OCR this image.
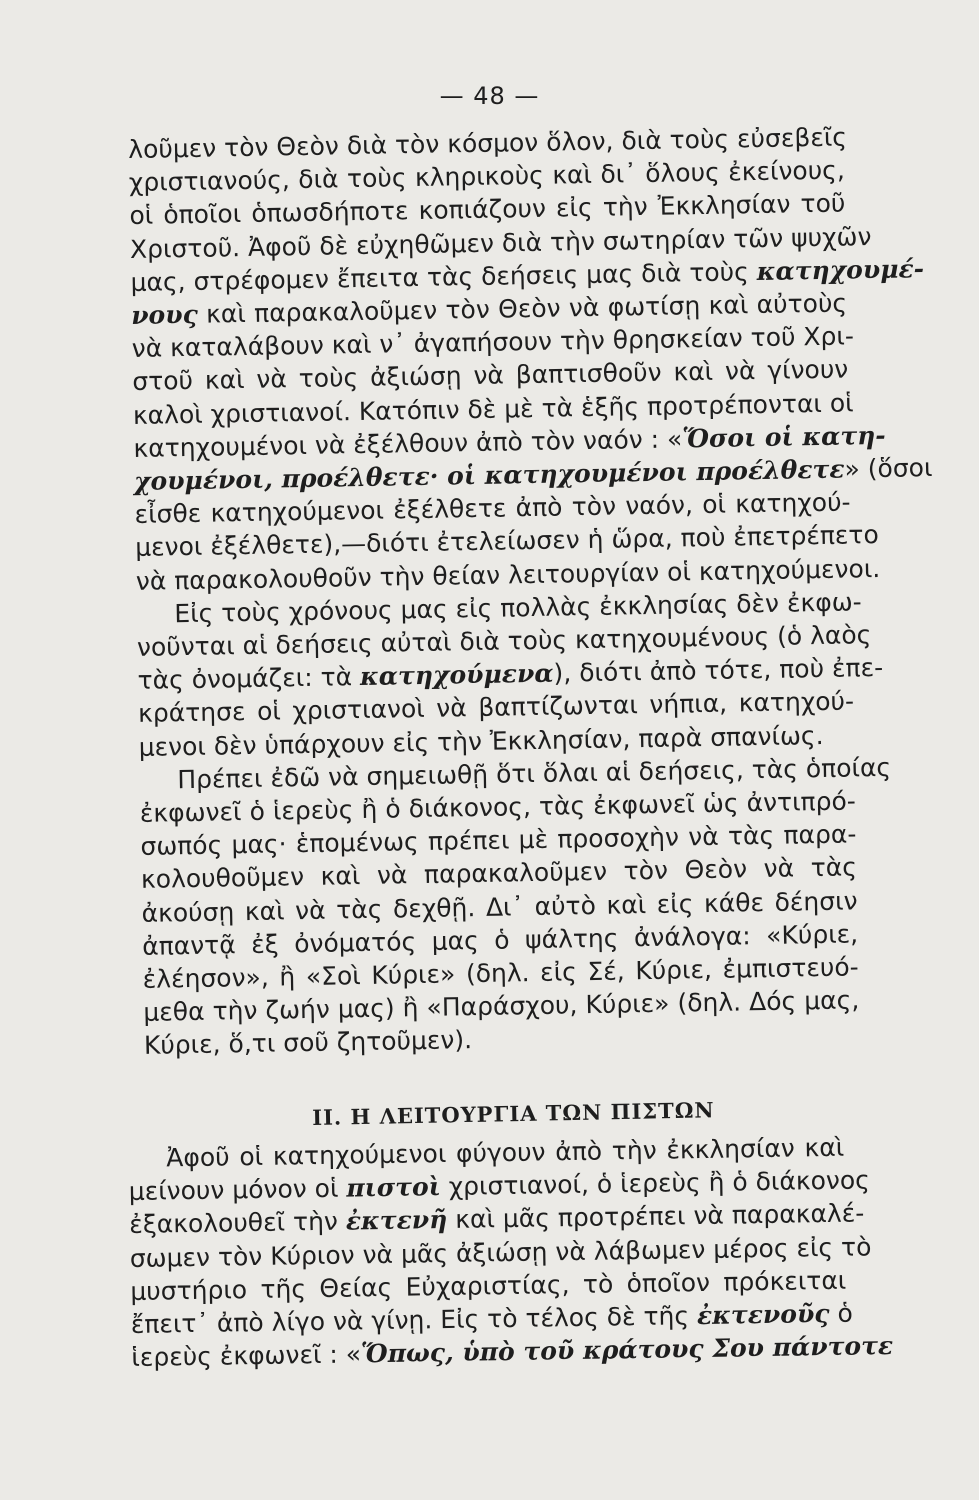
— 48 —
λοῦμεν τὸν Θεὸν διὰ τὸν κόσμον ὅλον, διὰ τοὺς εὐσεβεῖς
χριστιανούς, διὰ τοὺς κληρικοὺς καὶ δι᾽ ὅλους ἐκείνους,
οἱ ὁποῖοι ὁπωσδήποτε κοπιάζουν εἰς τὴν Ἐκκλησίαν τοῦ
Χριστοῦ. Ἀφοῦ δὲ εὐχηθῶμεν διὰ τὴν σωτηρίαν τῶν ψυχῶν
μας, στρέφομεν ἔπειτα τὰς δεήσεις μας διὰ τοὺς κατηχουμέ-
νους καὶ παρακαλοῦμεν τὸν Θεὸν νὰ φωτίσῃ καὶ αὐτοὺς
νὰ καταλάβουν καὶ ν᾽ ἀγαπήσουν τὴν θρησκείαν τοῦ Χρι-
στοῦ καὶ νὰ τοὺς ἀξιώσῃ νὰ βαπτισθοῦν καὶ νὰ γίνουν
καλοὶ χριστιανοί. Κατόπιν δὲ μὲ τὰ ἑξῆς προτρέπονται οἱ
κατηχουμένοι νὰ ἐξέλθουν ἀπὸ τὸν ναόν : «Ὅσοι οἱ κατη-
χουμένοι, προέλθετε· οἱ κατηχουμένοι προέλθετε» (ὅσοι
εἶσθε κατηχούμενοι ἐξέλθετε ἀπὸ τὸν ναόν, οἱ κατηχού-
μενοι ἐξέλθετε),—διότι ἐτελείωσεν ἡ ὥρα, ποὺ ἐπετρέπετο
νὰ παρακολουθοῦν τὴν θείαν λειτουργίαν οἱ κατηχούμενοι.
Εἰς τοὺς χρόνους μας εἰς πολλὰς ἐκκλησίας δὲν ἐκφω-
νοῦνται αἱ δεήσεις αὐταὶ διὰ τοὺς κατηχουμένους (ὁ λαὸς
τὰς ὀνομάζει: τὰ κατηχούμενα), διότι ἀπὸ τότε, ποὺ ἐπε-
κράτησε οἱ χριστιανοὶ νὰ βαπτίζωνται νήπια, κατηχού-
μενοι δὲν ὑπάρχουν εἰς τὴν Ἐκκλησίαν, παρὰ σπανίως.
Πρέπει ἐδῶ νὰ σημειωθῇ ὅτι ὅλαι αἱ δεήσεις, τὰς ὁποίας
ἐκφωνεῖ ὁ ἱερεὺς ἢ ὁ διάκονος, τὰς ἐκφωνεῖ ὡς ἀντιπρό-
σωπός μας· ἑπομένως πρέπει μὲ προσοχὴν νὰ τὰς παρα-
κολουθοῦμεν καὶ νὰ παρακαλοῦμεν τὸν Θεὸν νὰ τὰς
ἀκούσῃ καὶ νὰ τὰς δεχθῇ. Δι᾽ αὐτὸ καὶ εἰς κάθε δέησιν
ἀπαντᾷ ἐξ ὀνόματός μας ὁ ψάλτης ἀνάλογα: «Κύριε,
ἐλέησον», ἢ «Σοὶ Κύριε» (δηλ. εἰς Σέ, Κύριε, ἐμπιστευό-
μεθα τὴν ζωήν μας) ἢ «Παράσχου, Κύριε» (δηλ. Δός μας,
Κύριε, ὅ,τι σοῦ ζητοῦμεν).
II. Η ΛΕΙΤΟΥΡΓΙΑ ΤΩΝ ΠΙΣΤΩΝ
Ἀφοῦ οἱ κατηχούμενοι φύγουν ἀπὸ τὴν ἐκκλησίαν καὶ
μείνουν μόνον οἱ πιστοὶ χριστιανοί, ὁ ἱερεὺς ἢ ὁ διάκονος
ἐξακολουθεῖ τὴν ἐκτενῆ καὶ μᾶς προτρέπει νὰ παρακαλέ-
σωμεν τὸν Κύριον νὰ μᾶς ἀξιώσῃ νὰ λάβωμεν μέρος εἰς τὸ
μυστήριο τῆς Θείας Εὐχαριστίας, τὸ ὁποῖον πρόκειται
ἔπειτ᾽ ἀπὸ λίγο νὰ γίνῃ. Εἰς τὸ τέλος δὲ τῆς ἐκτενοῦς ὁ
ἱερεὺς ἐκφωνεῖ : «Ὅπως, ὑπὸ τοῦ κράτους Σου πάντοτε
